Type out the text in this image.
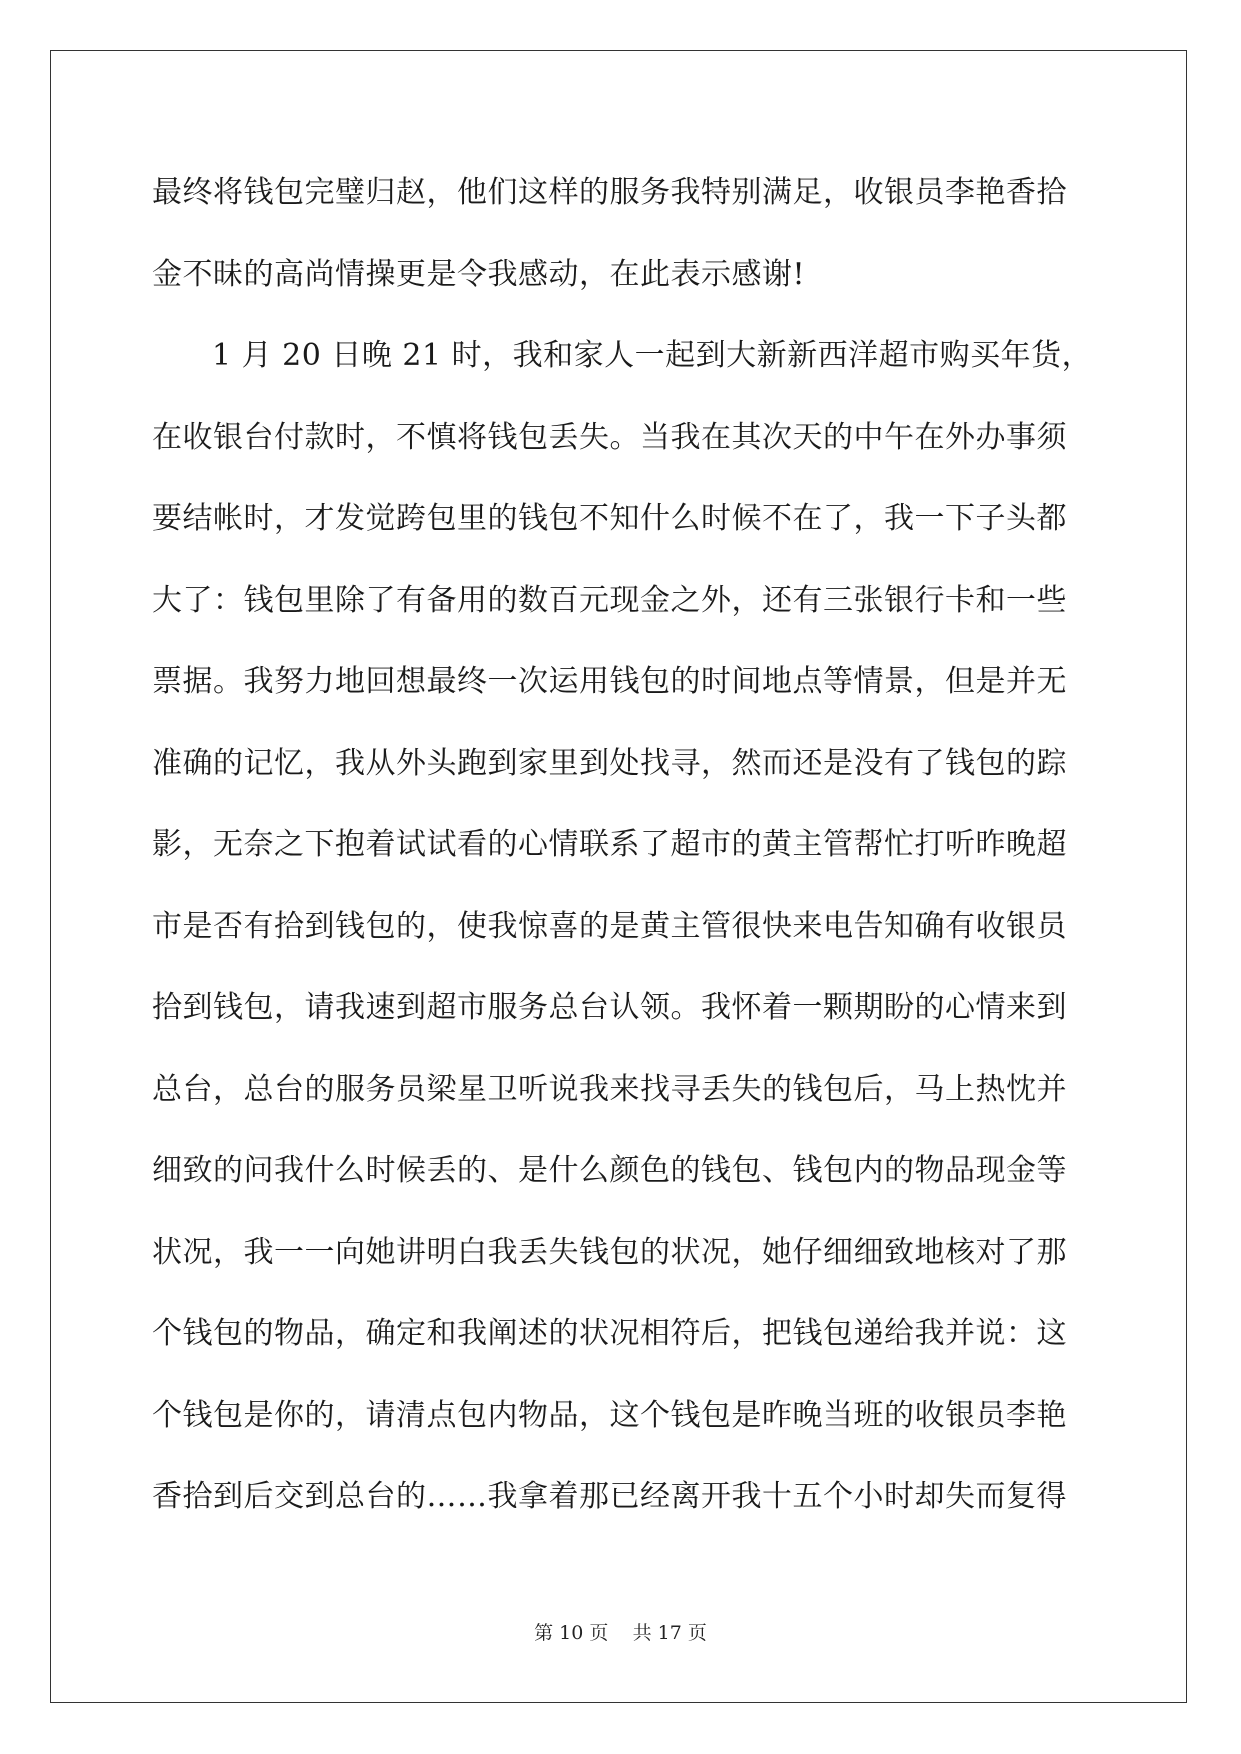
最终将钱包完璧归赵，他们这样的服务我特别满足，收银员李艳香拾
金不昧的高尚情操更是令我感动，在此表示感谢!
1 月 20 日晚 21 时，我和家人一起到大新新西洋超市购买年货，
在收银台付款时，不慎将钱包丢失。当我在其次天的中午在外办事须
要结帐时，才发觉跨包里的钱包不知什么时候不在了，我一下子头都
大了：钱包里除了有备用的数百元现金之外，还有三张银行卡和一些
票据。我努力地回想最终一次运用钱包的时间地点等情景，但是并无
准确的记忆，我从外头跑到家里到处找寻，然而还是没有了钱包的踪
影，无奈之下抱着试试看的心情联系了超市的黄主管帮忙打听昨晚超
市是否有拾到钱包的，使我惊喜的是黄主管很快来电告知确有收银员
拾到钱包，请我速到超市服务总台认领。我怀着一颗期盼的心情来到
总台，总台的服务员梁星卫听说我来找寻丢失的钱包后，马上热忱并
细致的问我什么时候丢的、是什么颜色的钱包、钱包内的物品现金等
状况，我一一向她讲明白我丢失钱包的状况，她仔细细致地核对了那
个钱包的物品，确定和我阐述的状况相符后，把钱包递给我并说：这
个钱包是你的，请清点包内物品，这个钱包是昨晚当班的收银员李艳
香拾到后交到总台的……我拿着那已经离开我十五个小时却失而复得
第 10 页 共 17 页
